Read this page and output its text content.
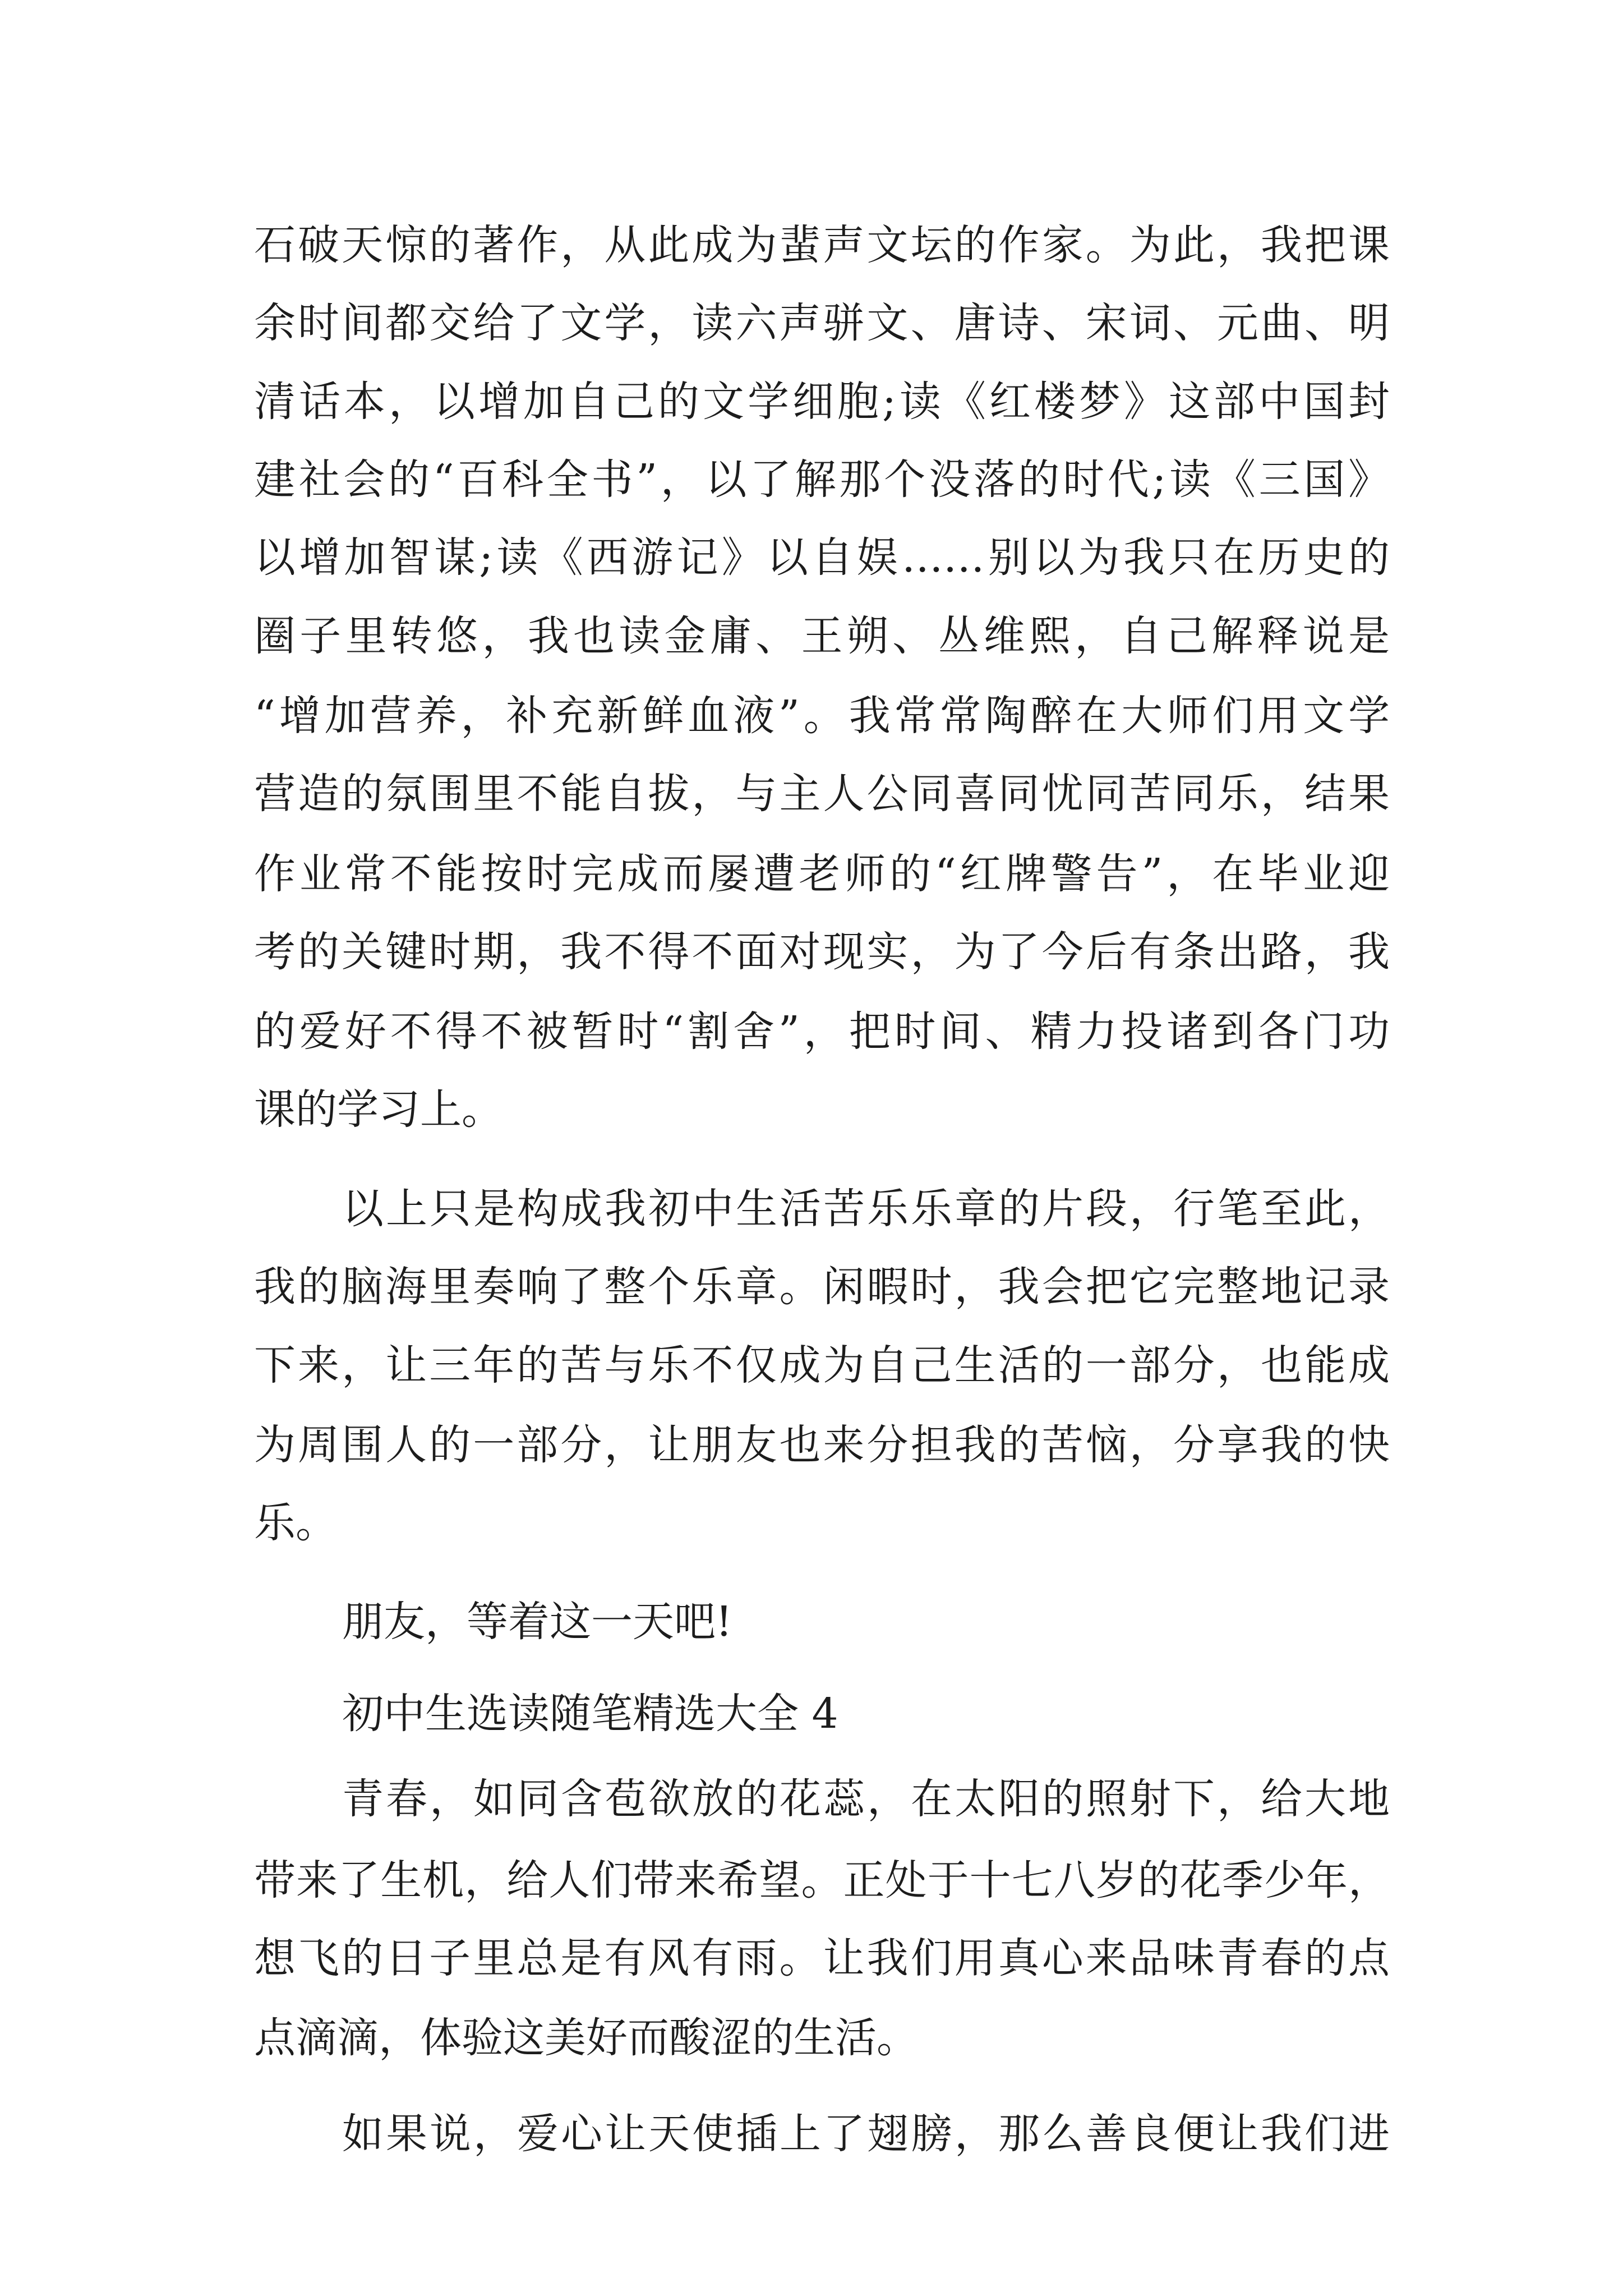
石破天惊的著作，从此成为蜚声文坛的作家。为此，我把课
余时间都交给了文学，读六声骈文、唐诗、宋词、元曲、明
清话本，以增加自己的文学细胞;读《红楼梦》这部中国封
建社会的“百科全书”，以了解那个没落的时代;读《三国》
以增加智谋;读《西游记》以自娱……别以为我只在历史的
圈子里转悠，我也读金庸、王朔、丛维熙，自己解释说是
“增加营养，补充新鲜血液”。我常常陶醉在大师们用文学
营造的氛围里不能自拔，与主人公同喜同忧同苦同乐，结果
作业常不能按时完成而屡遭老师的“红牌警告”，在毕业迎
考的关键时期，我不得不面对现实，为了今后有条出路，我
的爱好不得不被暂时“割舍”，把时间、精力投诸到各门功
课的学习上。
以上只是构成我初中生活苦乐乐章的片段，行笔至此，
我的脑海里奏响了整个乐章。闲暇时，我会把它完整地记录
下来，让三年的苦与乐不仅成为自己生活的一部分，也能成
为周围人的一部分，让朋友也来分担我的苦恼，分享我的快
乐。
朋友，等着这一天吧!
初中生选读随笔精选大全 4
青春，如同含苞欲放的花蕊，在太阳的照射下，给大地
带来了生机，给人们带来希望。正处于十七八岁的花季少年，
想飞的日子里总是有风有雨。让我们用真心来品味青春的点
点滴滴，体验这美好而酸涩的生活。
如果说，爱心让天使插上了翅膀，那么善良便让我们进
